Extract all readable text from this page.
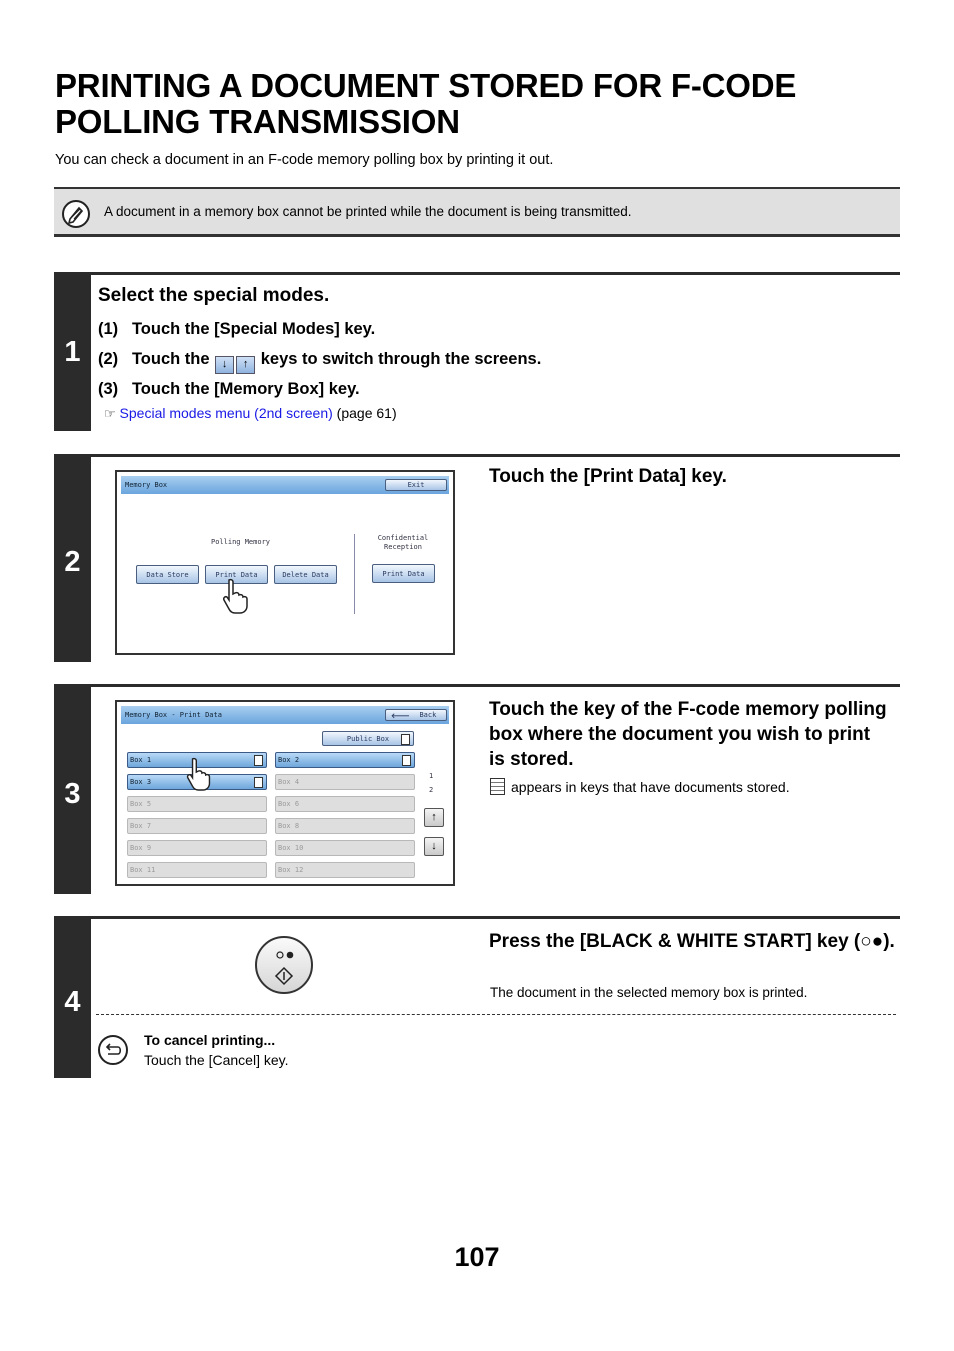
PRINTING A DOCUMENT STORED FOR F-CODE POLLING TRANSMISSION
You can check a document in an F-code memory polling box by printing it out.
A document in a memory box cannot be printed while the document is being transmitted.
1
Select the special modes.
(1) Touch the [Special Modes] key.
(2) Touch the ↓ ↑ keys to switch through the screens.
(3) Touch the [Memory Box] key.
☞ Special modes menu (2nd screen) (page 61)
2
Touch the [Print Data] key.
Memory Box	Exit
Polling Memory	Confidential
Reception
Data Store	Print Data	Delete Data	Print Data
3
Touch the key of the F-code memory polling box where the document you wish to print is stored.
appears in keys that have documents stored.
Memory Box - Print Data	🡐 Back
Public Box
Box 1	Box 2
Box 3	Box 4
Box 5	Box 6
Box 7	Box 8
Box 9	Box 10
Box 11	Box 12
1
2
↑
↓
4
Press the [BLACK & WHITE START] key (○●).
The document in the selected memory box is printed.
To cancel printing...
Touch the [Cancel] key.
107
